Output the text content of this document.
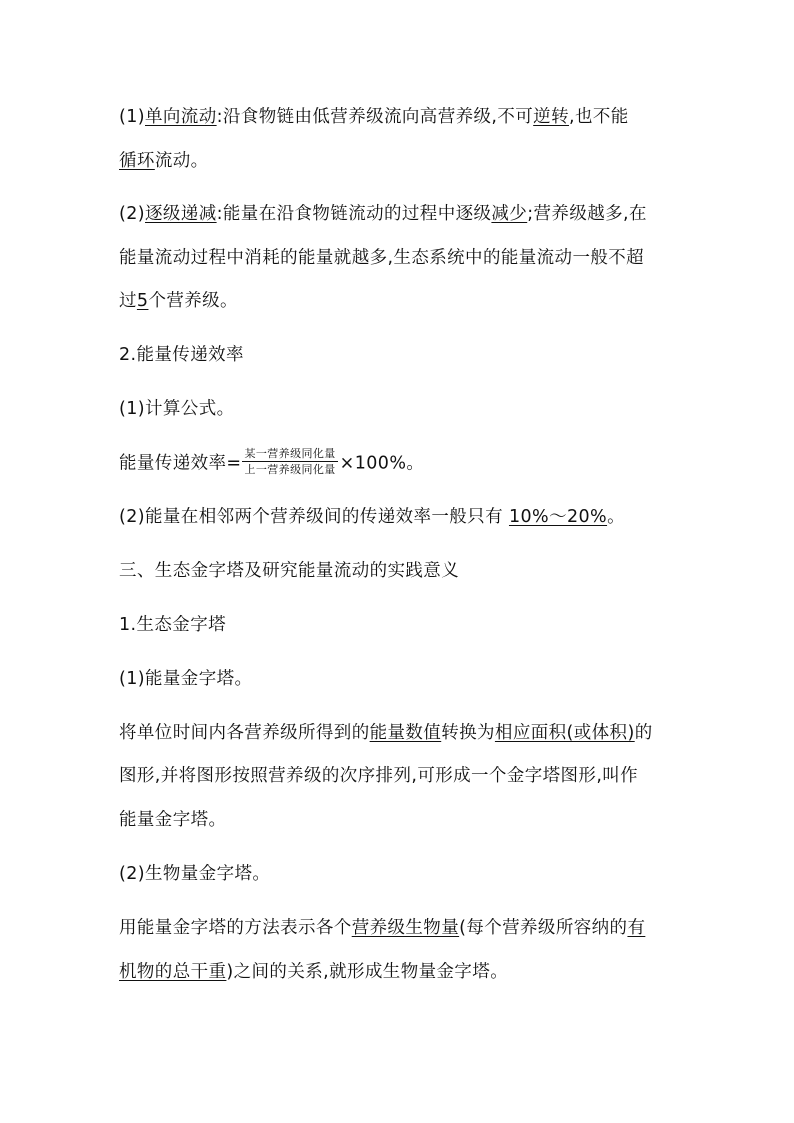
(1)单向流动:沿食物链由低营养级流向高营养级,不可逆转,也不能
循环流动。
(2)逐级递减:能量在沿食物链流动的过程中逐级减少;营养级越多,在
能量流动过程中消耗的能量就越多,生态系统中的能量流动一般不超
过5个营养级。
2.能量传递效率
(1)计算公式。
能量传递效率= $\frac{\text{某一营养级同化量}}{\text{上一营养级同化量}} \times 100\%$。
(2)能量在相邻两个营养级间的传递效率一般只有 10%～20%。
三、生态金字塔及研究能量流动的实践意义
1.生态金字塔
(1)能量金字塔。
将单位时间内各营养级所得到的能量数值转换为相应面积(或体积)的
图形,并将图形按照营养级的次序排列,可形成一个金字塔图形,叫作
能量金字塔。
(2)生物量金字塔。
用能量金字塔的方法表示各个营养级生物量(每个营养级所容纳的有
机物的总干重)之间的关系,就形成生物量金字塔。
